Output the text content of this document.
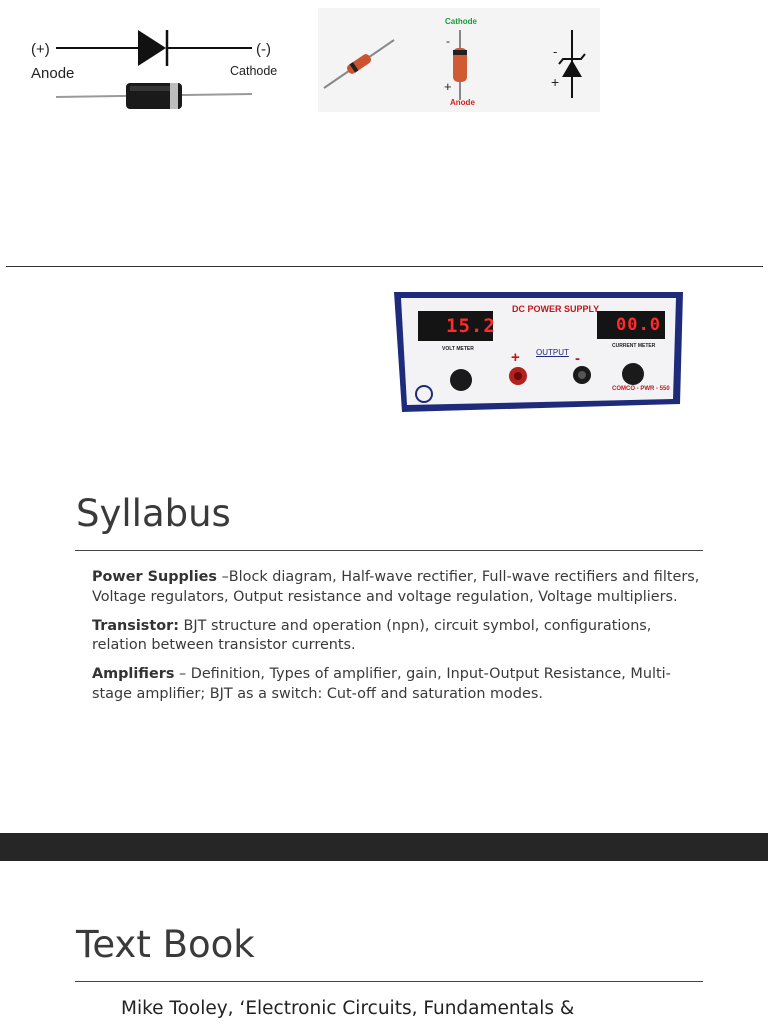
(+)
Anode
(-)
Cathode
Cathode
-
+
Anode
-
+
DC POWER SUPPLY
15.2	00.0
VOLT METER	CURRENT METER
OUTPUT
+	-
COMCO - PWR - 550
Syllabus

Power Supplies –Block diagram, Half-wave rectifier, Full-wave rectifiers and filters, Voltage regulators, Output resistance and voltage regulation, Voltage multipliers.

Transistor: BJT structure and operation (npn), circuit symbol, configurations, relation between transistor currents.

Amplifiers – Definition, Types of amplifier, gain, Input-Output Resistance, Multi-stage amplifier; BJT as a switch: Cut-off and saturation modes.

Text Book
Mike Tooley, ‘Electronic Circuits, Fundamentals &
